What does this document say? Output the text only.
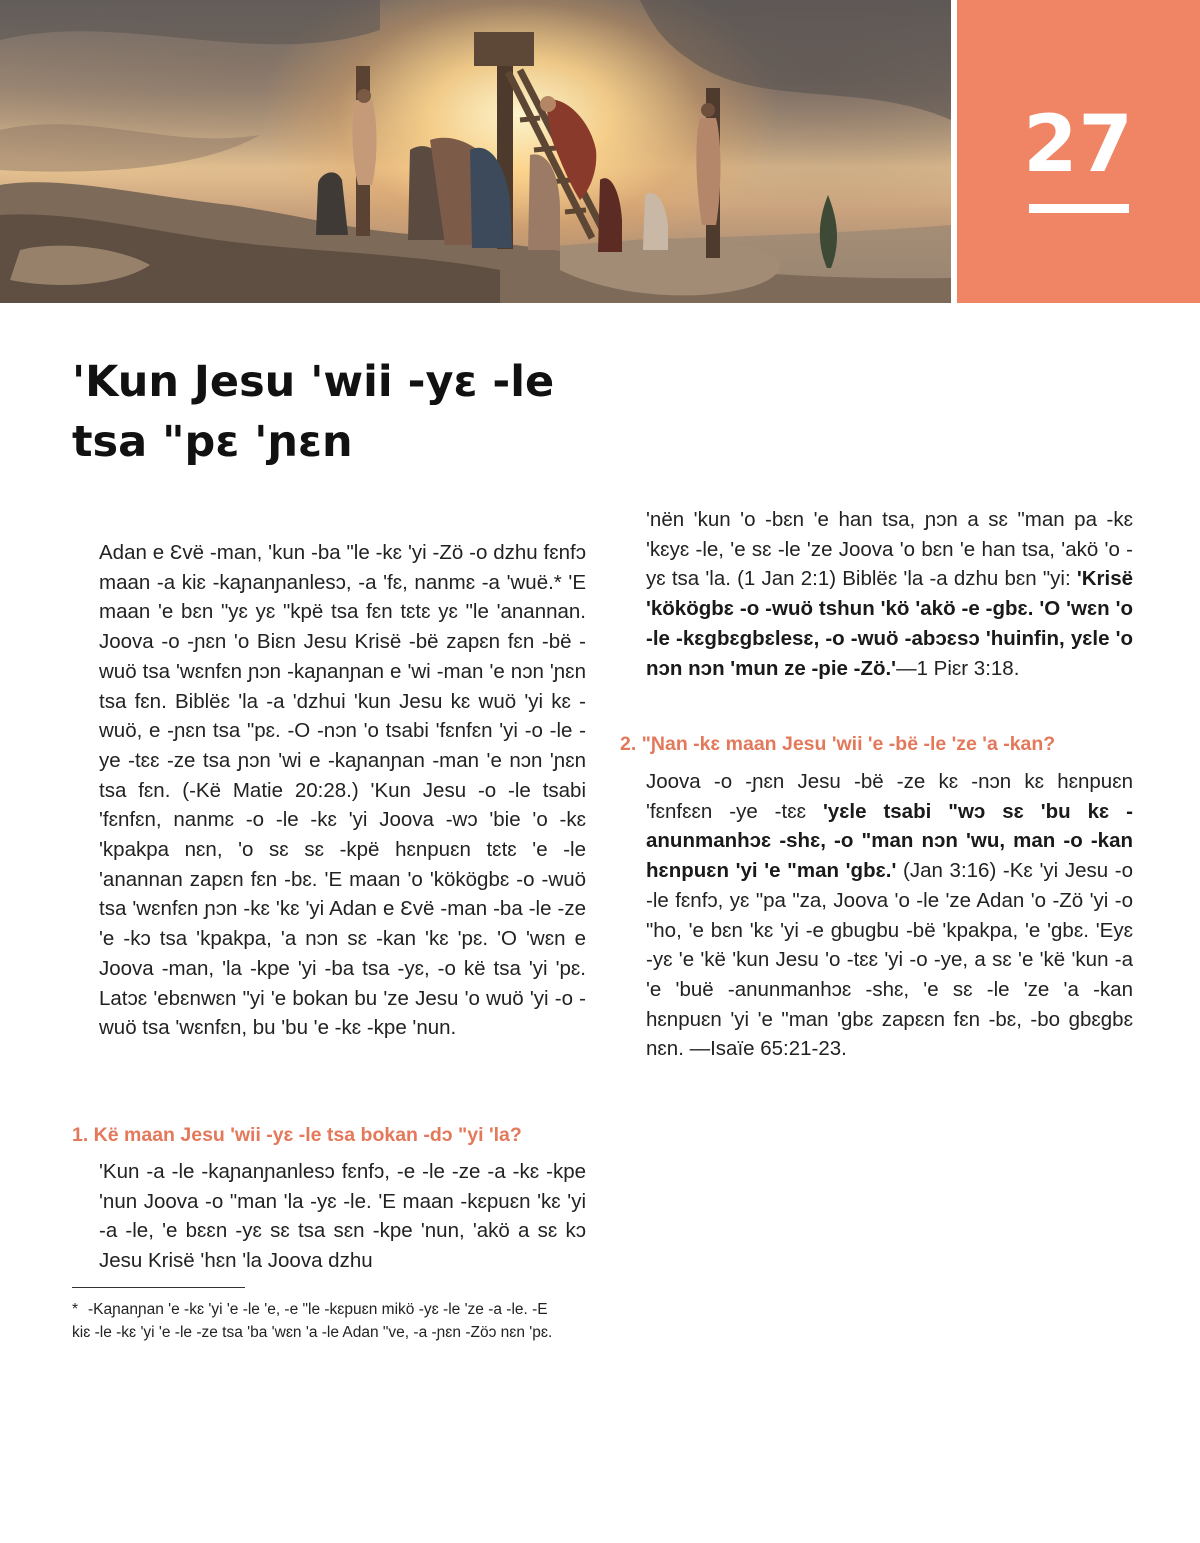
27
'Kun Jesu 'wii -yɛ -le tsa "pɛ 'ɲɛn

Adan e Ɛvë -man, 'kun -ba "le -kɛ 'yi -Zö -o dzhu fɛnfɔ maan -a kiɛ -kaɲanɲanlesɔ, -a 'fɛ, nanmɛ -a 'wuë.* 'E maan 'e bɛn "yɛ yɛ "kpë tsa fɛn tɛtɛ yɛ "le 'anannan. Joova -o -ɲɛn 'o Biɛn Jesu Krisë -bë zapɛn fɛn -bë -wuö tsa 'wɛnfɛn ɲɔn -kaɲanɲan e 'wi -man 'e nɔn 'ɲɛn tsa fɛn. Biblëɛ 'la -a 'dzhui 'kun Jesu kɛ wuö 'yi kɛ -wuö, e -ɲɛn tsa "pɛ. -O -nɔn 'o tsabi 'fɛnfɛn 'yi -o -le -ye -tɛɛ -ze tsa ɲɔn 'wi e -kaɲanɲan -man 'e nɔn 'ɲɛn tsa fɛn. (-Kë Matie 20:28.) 'Kun Jesu -o -le tsabi 'fɛnfɛn, nanmɛ -o -le -kɛ 'yi Joova -wɔ 'bie 'o -kɛ 'kpakpa nɛn, 'o sɛ sɛ -kpë hɛnpuɛn tɛtɛ 'e -le 'anannan zapɛn fɛn -bɛ. 'E maan 'o 'kökögbɛ -o -wuö tsa 'wɛnfɛn ɲɔn -kɛ 'kɛ 'yi Adan e Ɛvë -man -ba -le -ze 'e -kɔ tsa 'kpakpa, 'a nɔn sɛ -kan 'kɛ 'pɛ. 'O 'wɛn e Joova -man, 'la -kpe 'yi -ba tsa -yɛ, -o kë tsa 'yi 'pɛ. Latɔɛ 'ebɛnwɛn "yi 'e bokan bu 'ze Jesu 'o wuö 'yi -o -wuö tsa 'wɛnfɛn, bu 'bu 'e -kɛ -kpe 'nun.

1. Kë maan Jesu 'wii -yɛ -le tsa bokan -dɔ "yi 'la?

'Kun -a -le -kaɲanɲanlesɔ fɛnfɔ, -e -le -ze -a -kɛ -kpe 'nun Joova -o "man 'la -yɛ -le. 'E maan -kɛpuɛn 'kɛ 'yi -a -le, 'e bɛɛn -yɛ sɛ tsa sɛn -kpe 'nun, 'akö a sɛ kɔ Jesu Krisë 'hɛn 'la Joova dzhu

* -Kaɲanɲan 'e -kɛ 'yi 'e -le 'e, -e "le -kɛpuɛn mikö -yɛ -le 'ze -a -le. -E kiɛ -le -kɛ 'yi 'e -le -ze tsa 'ba 'wɛn 'a -le Adan "ve, -a -ɲɛn -Zöɔ nɛn 'pɛ.

'nën 'kun 'o -bɛn 'e han tsa, ɲɔn a sɛ "man pa -kɛ 'kɛyɛ -le, 'e sɛ -le 'ze Joova 'o bɛn 'e han tsa, 'akö 'o -yɛ tsa 'la. (1 Jan 2:1) Biblëɛ 'la -a dzhu bɛn "yi: 'Krisë 'kökögbɛ -o -wuö tshun 'kö 'akö -e -gbɛ. 'O 'wɛn 'o -le -kɛgbɛgbɛlesɛ, -o -wuö -abɔɛsɔ 'huinfin, yɛle 'o nɔn nɔn 'mun ze -pie -Zö.'—1 Piɛr 3:18.

2. "Ɲan -kɛ maan Jesu 'wii 'e -bë -le 'ze 'a -kan?

Joova -o -ɲɛn Jesu -bë -ze kɛ -nɔn kɛ hɛnpuɛn 'fɛnfɛɛn -ye -tɛɛ 'yɛle tsabi "wɔ sɛ 'bu kɛ -anunmanhɔɛ -shɛ, -o "man nɔn 'wu, man -o -kan hɛnpuɛn 'yi 'e "man 'gbɛ.' (Jan 3:16) -Kɛ 'yi Jesu -o -le fɛnfɔ, yɛ "pa "za, Joova 'o -le 'ze Adan 'o -Zö 'yi -o "ho, 'e bɛn 'kɛ 'yi -e gbugbu -bë 'kpakpa, 'e 'gbɛ. 'Eyɛ -yɛ 'e 'kë 'kun Jesu 'o -tɛɛ 'yi -o -ye, a sɛ 'e 'kë 'kun -a 'e 'buë -anunmanhɔɛ -shɛ, 'e sɛ -le 'ze 'a -kan hɛnpuɛn 'yi 'e "man 'gbɛ zapɛɛn fɛn -bɛ, -bo gbɛgbɛ nɛn. —Isaïe 65:21-23.
